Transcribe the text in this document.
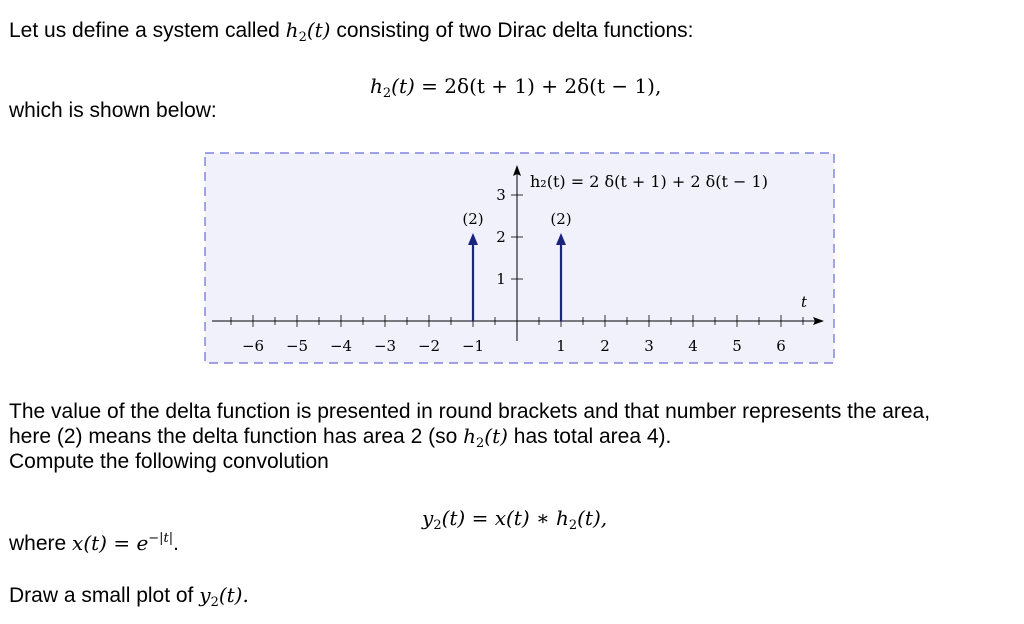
Let us define a system called $h_2(t)$ consisting of two Dirac delta functions:
$h_2(t) = 2\delta(t + 1) + 2\delta(t - 1)$,
which is shown below:
−6 −5 −4 −3 −2 −1	1 2 3 4 5 6
1
2
3
(2)	(2)
h₂(t) = 2 δ(t + 1) + 2 δ(t − 1)
t
The value of the delta function is presented in round brackets and that number represents the area,
here (2) means the delta function has area 2 (so $h_2(t)$ has total area 4).
Compute the following convolution
$y_2(t) = x(t)$ ∗ $h_2(t)$,
where $x(t) = e^{-|t|}$.
Draw a small plot of $y_2(t)$.
